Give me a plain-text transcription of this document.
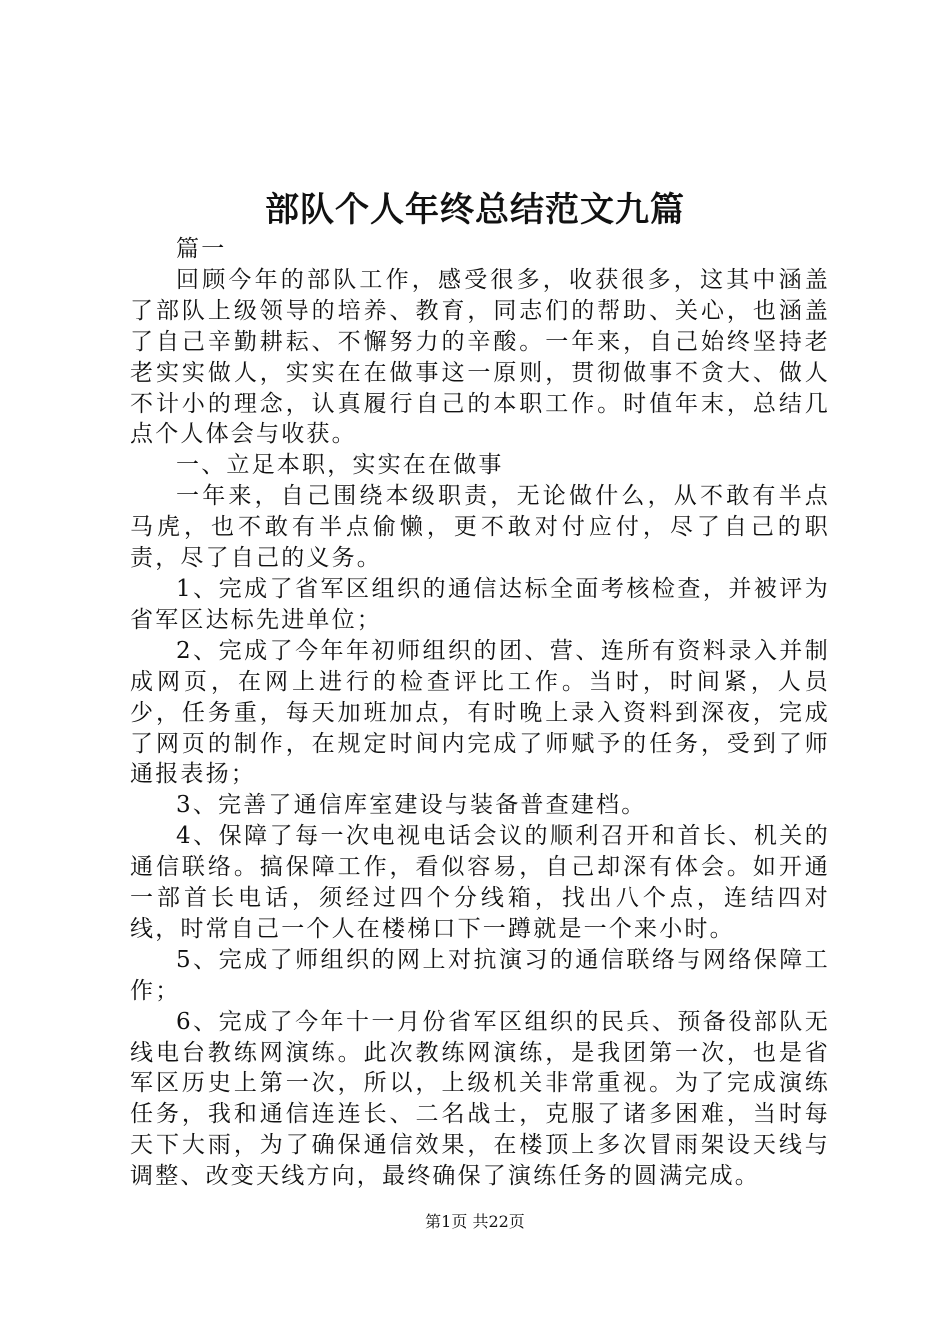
部队个人年终总结范文九篇

篇一

回顾今年的部队工作，感受很多，收获很多，这其中涵盖了部队上级领导的培养、教育，同志们的帮助、关心，也涵盖了自己辛勤耕耘、不懈努力的辛酸。一年来，自己始终坚持老老实实做人，实实在在做事这一原则，贯彻做事不贪大、做人不计小的理念，认真履行自己的本职工作。时值年末，总结几点个人体会与收获。

一、立足本职，实实在在做事

一年来，自己围绕本级职责，无论做什么，从不敢有半点马虎，也不敢有半点偷懒，更不敢对付应付，尽了自己的职责，尽了自己的义务。

1、完成了省军区组织的通信达标全面考核检查，并被评为省军区达标先进单位；

2、完成了今年年初师组织的团、营、连所有资料录入并制成网页，在网上进行的检查评比工作。当时，时间紧，人员少，任务重，每天加班加点，有时晚上录入资料到深夜，完成了网页的制作，在规定时间内完成了师赋予的任务，受到了师通报表扬；

3、完善了通信库室建设与装备普查建档。

4、保障了每一次电视电话会议的顺利召开和首长、机关的通信联络。搞保障工作，看似容易，自己却深有体会。如开通一部首长电话，须经过四个分线箱，找出八个点，连结四对线，时常自己一个人在楼梯口下一蹲就是一个来小时。

5、完成了师组织的网上对抗演习的通信联络与网络保障工作；

6、完成了今年十一月份省军区组织的民兵、预备役部队无线电台教练网演练。此次教练网演练，是我团第一次，也是省军区历史上第一次，所以，上级机关非常重视。为了完成演练任务，我和通信连连长、二名战士，克服了诸多困难，当时每天下大雨，为了确保通信效果，在楼顶上多次冒雨架设天线与调整、改变天线方向，最终确保了演练任务的圆满完成。

第1页 共22页
